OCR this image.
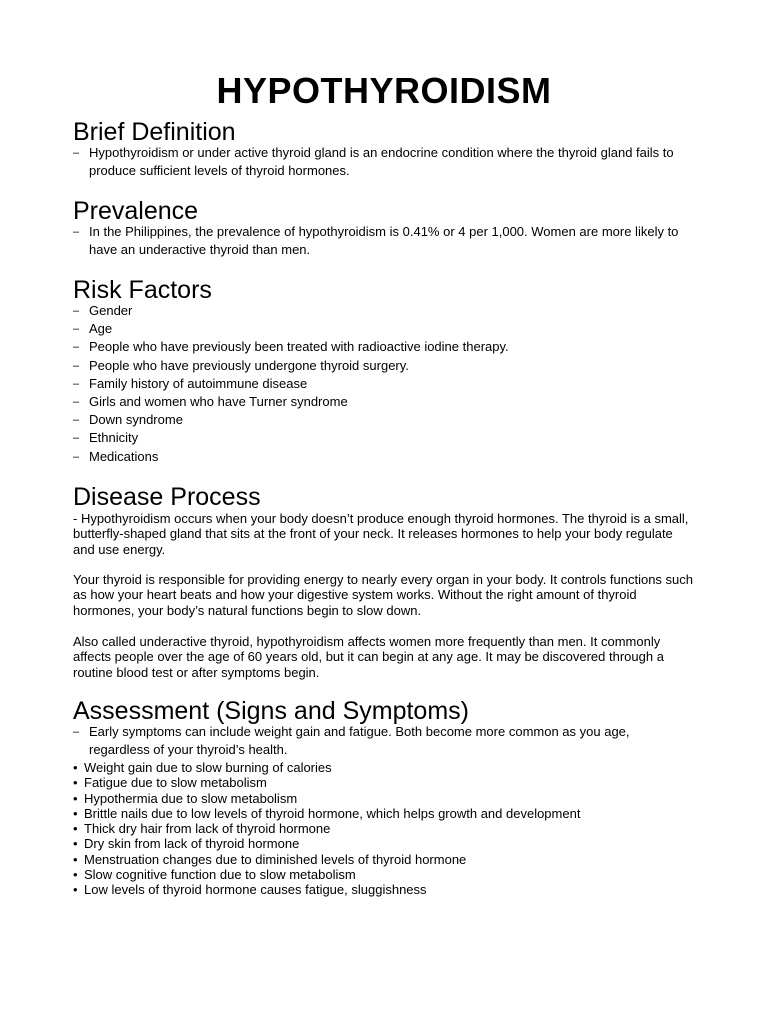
HYPOTHYROIDISM
Brief Definition
– Hypothyroidism or under active thyroid gland is an endocrine condition where the thyroid gland fails to produce sufficient levels of thyroid hormones.
Prevalence
– In the Philippines, the prevalence of hypothyroidism is 0.41% or 4 per 1,000. Women are more likely to have an underactive thyroid than men.
Risk Factors
– Gender
– Age
– People who have previously been treated with radioactive iodine therapy.
– People who have previously undergone thyroid surgery.
– Family history of autoimmune disease
– Girls and women who have Turner syndrome
– Down syndrome
– Ethnicity
– Medications
Disease Process

- Hypothyroidism occurs when your body doesn’t produce enough thyroid hormones. The thyroid is a small, butterfly-shaped gland that sits at the front of your neck. It releases hormones to help your body regulate and use energy.

Your thyroid is responsible for providing energy to nearly every organ in your body. It controls functions such as how your heart beats and how your digestive system works. Without the right amount of thyroid hormones, your body’s natural functions begin to slow down.

Also called underactive thyroid, hypothyroidism affects women more frequently than men. It commonly affects people over the age of 60 years old, but it can begin at any age. It may be discovered through a routine blood test or after symptoms begin.

Assessment (Signs and Symptoms)
– Early symptoms can include weight gain and fatigue. Both become more common as you age, regardless of your thyroid’s health.
• Weight gain due to slow burning of calories
• Fatigue due to slow metabolism
• Hypothermia due to slow metabolism
• Brittle nails due to low levels of thyroid hormone, which helps growth and development
• Thick dry hair from lack of thyroid hormone
• Dry skin from lack of thyroid hormone
• Menstruation changes due to diminished levels of thyroid hormone
• Slow cognitive function due to slow metabolism
• Low levels of thyroid hormone causes fatigue, sluggishness
